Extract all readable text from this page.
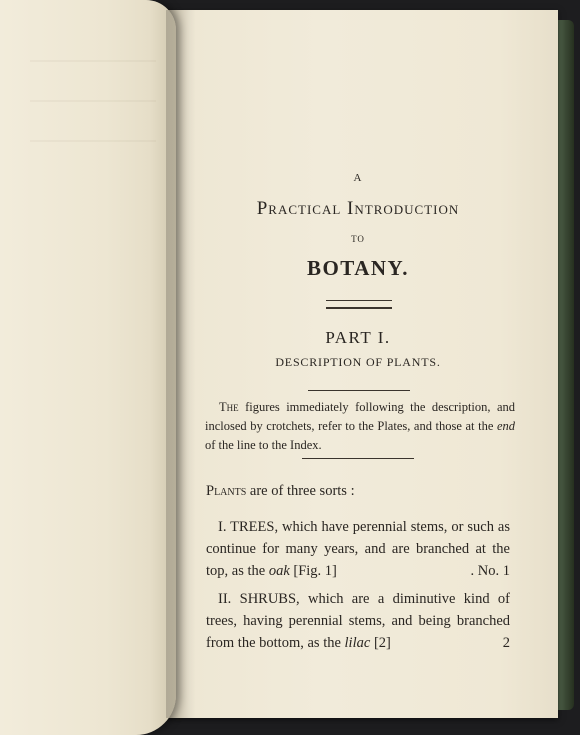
A
Practical Introduction
TO
BOTANY.
PART I.
DESCRIPTION OF PLANTS.
The figures immediately following the description, and inclosed by crotchets, refer to the Plates, and those at the end of the line to the Index.
Plants are of three sorts :
I. TREES, which have perennial stems, or such as continue for many years, and are branched at the top, as the oak [Fig. 1]	. No. 1
II. SHRUBS, which are a diminutive kind of trees, having perennial stems, and being branched from the bottom, as the lilac [2]	2
